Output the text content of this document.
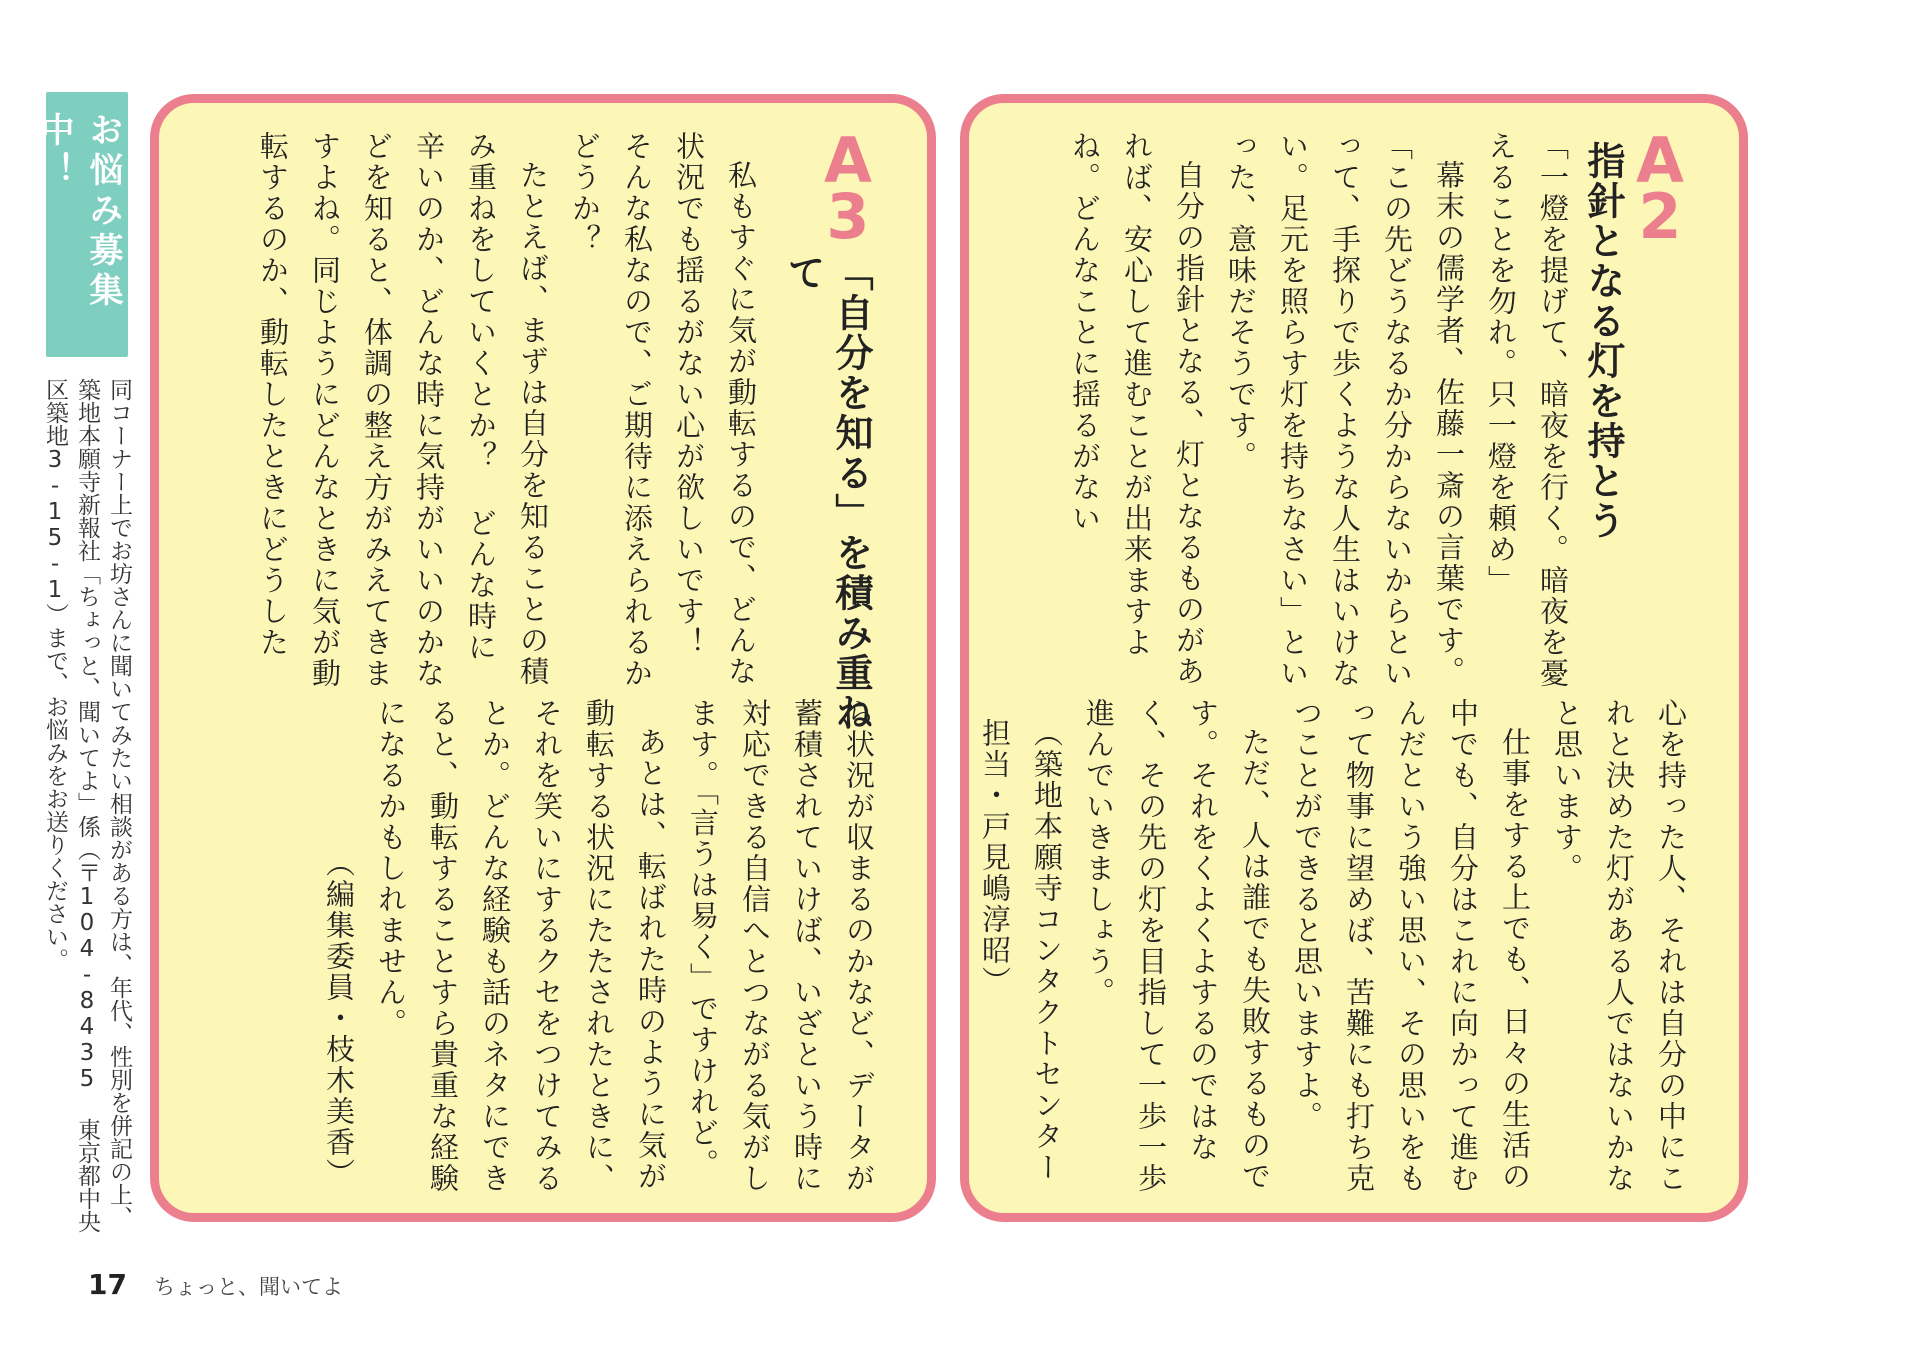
お悩み募集中！
同コーナー上でお坊さんに聞いてみたい相談がある方は、年代、性別を併記の上、築地本願寺新報社「ちょっと、聞いてよ」係（〒104-8435 東京都中央区築地3-15-1）まで、お悩みをお送りください。
A
3
「自分を知る」を積み重ねて

私もすぐに気が動転するので、どんな状況でも揺るがない心が欲しいです！ そんな私なので、ご期待に添えられるかどうか？

たとえば、まずは自分を知ることの積み重ねをしていくとか？ どんな時に辛いのか、どんな時に気持がいいのかなどを知ると、体調の整え方がみえてきますよね。同じようにどんなときに気が動転するのか、動転したときにどうした

ら状況が収まるのかなど、データが蓄積されていけば、いざという時に対応できる自信へとつながる気がします。「言うは易く」ですけれど。

あとは、転ばれた時のように気が動転する状況にたたされたときに、それを笑いにするクセをつけてみるとか。どんな経験も話のネタにできると、動転することすら貴重な経験になるかもしれません。

（編集委員・枝木美香）

A
2
指針となる灯を持とう

「一燈を提げて、暗夜を行く。暗夜を憂えることを勿れ。只一燈を頼め」

幕末の儒学者、佐藤一斎の言葉です。

「この先どうなるか分からないからといって、手探りで歩くような人生はいけない。足元を照らす灯を持ちなさい」といった、意味だそうです。

自分の指針となる、灯となるものがあれば、安心して進むことが出来ますよね。どんなことに揺るがない

心を持った人、それは自分の中にこれと決めた灯がある人ではないかなと思います。

仕事をする上でも、日々の生活の中でも、自分はこれに向かって進むんだという強い思い、その思いをもって物事に望めば、苦難にも打ち克つことができると思いますよ。

ただ、人は誰でも失敗するものです。それをくよくよするのではなく、その先の灯を目指して一歩一歩進んでいきましょう。

（築地本願寺コンタクトセンター　担当・戸見嶋淳昭）

17 ちょっと、聞いてよ
